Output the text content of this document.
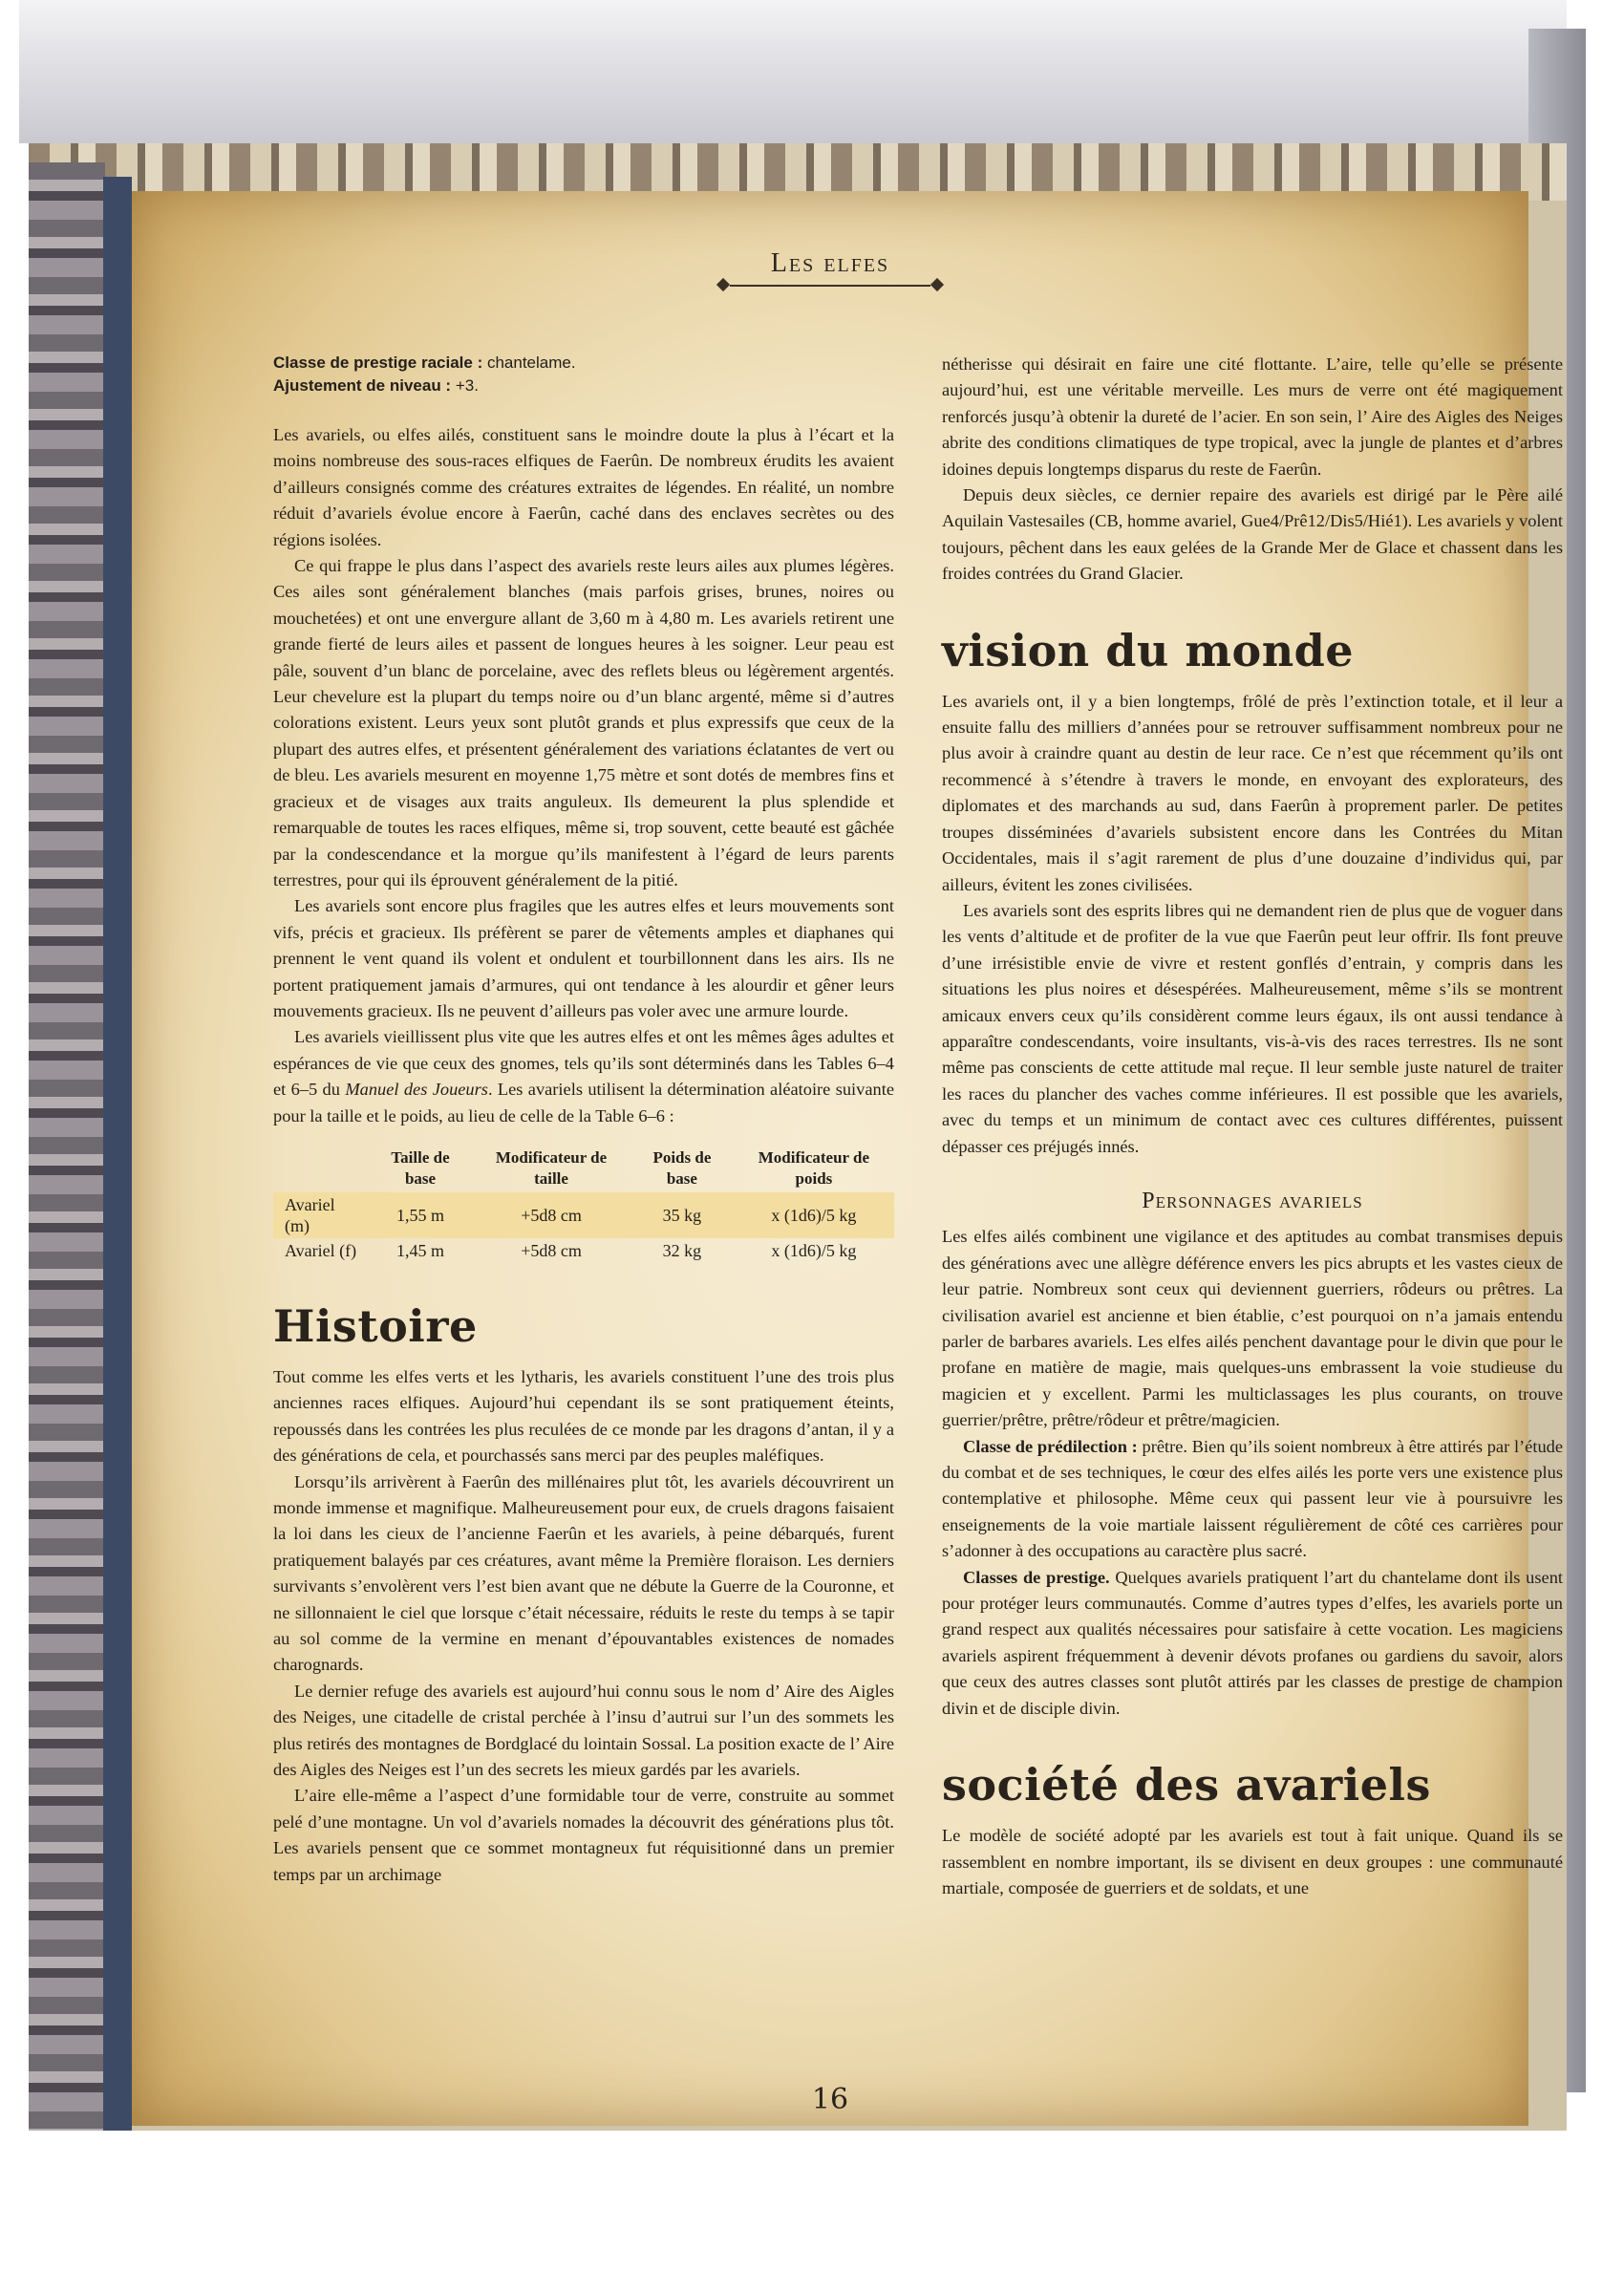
Les elfes
Classe de prestige raciale : chantelame.
Ajustement de niveau : +3.

Les avariels, ou elfes ailés, constituent sans le moindre doute la plus à l’écart et la moins nombreuse des sous-races elfiques de Faerûn. De nombreux érudits les avaient d’ailleurs consignés comme des créatures extraites de légendes. En réalité, un nombre réduit d’avariels évolue encore à Faerûn, caché dans des enclaves secrètes ou des régions isolées.

Ce qui frappe le plus dans l’aspect des avariels reste leurs ailes aux plumes légères. Ces ailes sont généralement blanches (mais parfois grises, brunes, noires ou mouchetées) et ont une envergure allant de 3,60 m à 4,80 m. Les avariels retirent une grande fierté de leurs ailes et passent de longues heures à les soigner. Leur peau est pâle, souvent d’un blanc de porcelaine, avec des reflets bleus ou légèrement argentés. Leur chevelure est la plupart du temps noire ou d’un blanc argenté, même si d’autres colorations existent. Leurs yeux sont plutôt grands et plus expressifs que ceux de la plupart des autres elfes, et présentent généralement des variations éclatantes de vert ou de bleu. Les avariels mesurent en moyenne 1,75 mètre et sont dotés de membres fins et gracieux et de visages aux traits anguleux. Ils demeurent la plus splendide et remarquable de toutes les races elfiques, même si, trop souvent, cette beauté est gâchée par la condescendance et la morgue qu’ils manifestent à l’égard de leurs parents terrestres, pour qui ils éprouvent généralement de la pitié.

Les avariels sont encore plus fragiles que les autres elfes et leurs mouvements sont vifs, précis et gracieux. Ils préfèrent se parer de vêtements amples et diaphanes qui prennent le vent quand ils volent et ondulent et tourbillonnent dans les airs. Ils ne portent pratiquement jamais d’armures, qui ont tendance à les alourdir et gêner leurs mouvements gracieux. Ils ne peuvent d’ailleurs pas voler avec une armure lourde.

Les avariels vieillissent plus vite que les autres elfes et ont les mêmes âges adultes et espérances de vie que ceux des gnomes, tels qu’ils sont déterminés dans les Tables 6–4 et 6–5 du Manuel des Joueurs. Les avariels utilisent la détermination aléatoire suivante pour la taille et le poids, au lieu de celle de la Table 6–6 :

	Taille de base	Modificateur de taille	Poids de base	Modificateur de poids
Avariel (m)	1,55 m	+5d8 cm	35 kg	x (1d6)/5 kg
Avariel (f)	1,45 m	+5d8 cm	32 kg	x (1d6)/5 kg
Histoire

Tout comme les elfes verts et les lytharis, les avariels constituent l’une des trois plus anciennes races elfiques. Aujourd’hui cependant ils se sont pratiquement éteints, repoussés dans les contrées les plus reculées de ce monde par les dragons d’antan, il y a des générations de cela, et pourchassés sans merci par des peuples maléfiques.

Lorsqu’ils arrivèrent à Faerûn des millénaires plut tôt, les avariels découvrirent un monde immense et magnifique. Malheureusement pour eux, de cruels dragons faisaient la loi dans les cieux de l’ancienne Faerûn et les avariels, à peine débarqués, furent pratiquement balayés par ces créatures, avant même la Première floraison. Les derniers survivants s’envolèrent vers l’est bien avant que ne débute la Guerre de la Couronne, et ne sillonnaient le ciel que lorsque c’était nécessaire, réduits le reste du temps à se tapir au sol comme de la vermine en menant d’épouvantables existences de nomades charognards.

Le dernier refuge des avariels est aujourd’hui connu sous le nom d’ Aire des Aigles des Neiges, une citadelle de cristal perchée à l’insu d’autrui sur l’un des sommets les plus retirés des montagnes de Bordglacé du lointain Sossal. La position exacte de l’ Aire des Aigles des Neiges est l’un des secrets les mieux gardés par les avariels.

L’aire elle-même a l’aspect d’une formidable tour de verre, construite au sommet pelé d’une montagne. Un vol d’avariels nomades la découvrit des générations plus tôt. Les avariels pensent que ce sommet montagneux fut réquisitionné dans un premier temps par un archimage

nétherisse qui désirait en faire une cité flottante. L’aire, telle qu’elle se présente aujourd’hui, est une véritable merveille. Les murs de verre ont été magiquement renforcés jusqu’à obtenir la dureté de l’acier. En son sein, l’ Aire des Aigles des Neiges abrite des conditions climatiques de type tropical, avec la jungle de plantes et d’arbres idoines depuis longtemps disparus du reste de Faerûn.

Depuis deux siècles, ce dernier repaire des avariels est dirigé par le Père ailé Aquilain Vastesailes (CB, homme avariel, Gue4/Prê12/Dis5/Hié1). Les avariels y volent toujours, pêchent dans les eaux gelées de la Grande Mer de Glace et chassent dans les froides contrées du Grand Glacier.

vision du monde

Les avariels ont, il y a bien longtemps, frôlé de près l’extinction totale, et il leur a ensuite fallu des milliers d’années pour se retrouver suffisamment nombreux pour ne plus avoir à craindre quant au destin de leur race. Ce n’est que récemment qu’ils ont recommencé à s’étendre à travers le monde, en envoyant des explorateurs, des diplomates et des marchands au sud, dans Faerûn à proprement parler. De petites troupes disséminées d’avariels subsistent encore dans les Contrées du Mitan Occidentales, mais il s’agit rarement de plus d’une douzaine d’individus qui, par ailleurs, évitent les zones civilisées.

Les avariels sont des esprits libres qui ne demandent rien de plus que de voguer dans les vents d’altitude et de profiter de la vue que Faerûn peut leur offrir. Ils font preuve d’une irrésistible envie de vivre et restent gonflés d’entrain, y compris dans les situations les plus noires et désespérées. Malheureusement, même s’ils se montrent amicaux envers ceux qu’ils considèrent comme leurs égaux, ils ont aussi tendance à apparaître condescendants, voire insultants, vis-à-vis des races terrestres. Ils ne sont même pas conscients de cette attitude mal reçue. Il leur semble juste naturel de traiter les races du plancher des vaches comme inférieures. Il est possible que les avariels, avec du temps et un minimum de contact avec ces cultures différentes, puissent dépasser ces préjugés innés.

Personnages avariels

Les elfes ailés combinent une vigilance et des aptitudes au combat transmises depuis des générations avec une allègre déférence envers les pics abrupts et les vastes cieux de leur patrie. Nombreux sont ceux qui deviennent guerriers, rôdeurs ou prêtres. La civilisation avariel est ancienne et bien établie, c’est pourquoi on n’a jamais entendu parler de barbares avariels. Les elfes ailés penchent davantage pour le divin que pour le profane en matière de magie, mais quelques-uns embrassent la voie studieuse du magicien et y excellent. Parmi les multiclassages les plus courants, on trouve guerrier/prêtre, prêtre/rôdeur et prêtre/magicien.

Classe de prédilection : prêtre. Bien qu’ils soient nombreux à être attirés par l’étude du combat et de ses techniques, le cœur des elfes ailés les porte vers une existence plus contemplative et philosophe. Même ceux qui passent leur vie à poursuivre les enseignements de la voie martiale laissent régulièrement de côté ces carrières pour s’adonner à des occupations au caractère plus sacré.

Classes de prestige. Quelques avariels pratiquent l’art du chantelame dont ils usent pour protéger leurs communautés. Comme d’autres types d’elfes, les avariels porte un grand respect aux qualités nécessaires pour satisfaire à cette vocation. Les magiciens avariels aspirent fréquemment à devenir dévots profanes ou gardiens du savoir, alors que ceux des autres classes sont plutôt attirés par les classes de prestige de champion divin et de disciple divin.

société des avariels

Le modèle de société adopté par les avariels est tout à fait unique. Quand ils se rassemblent en nombre important, ils se divisent en deux groupes : une communauté martiale, composée de guerriers et de soldats, et une

16
